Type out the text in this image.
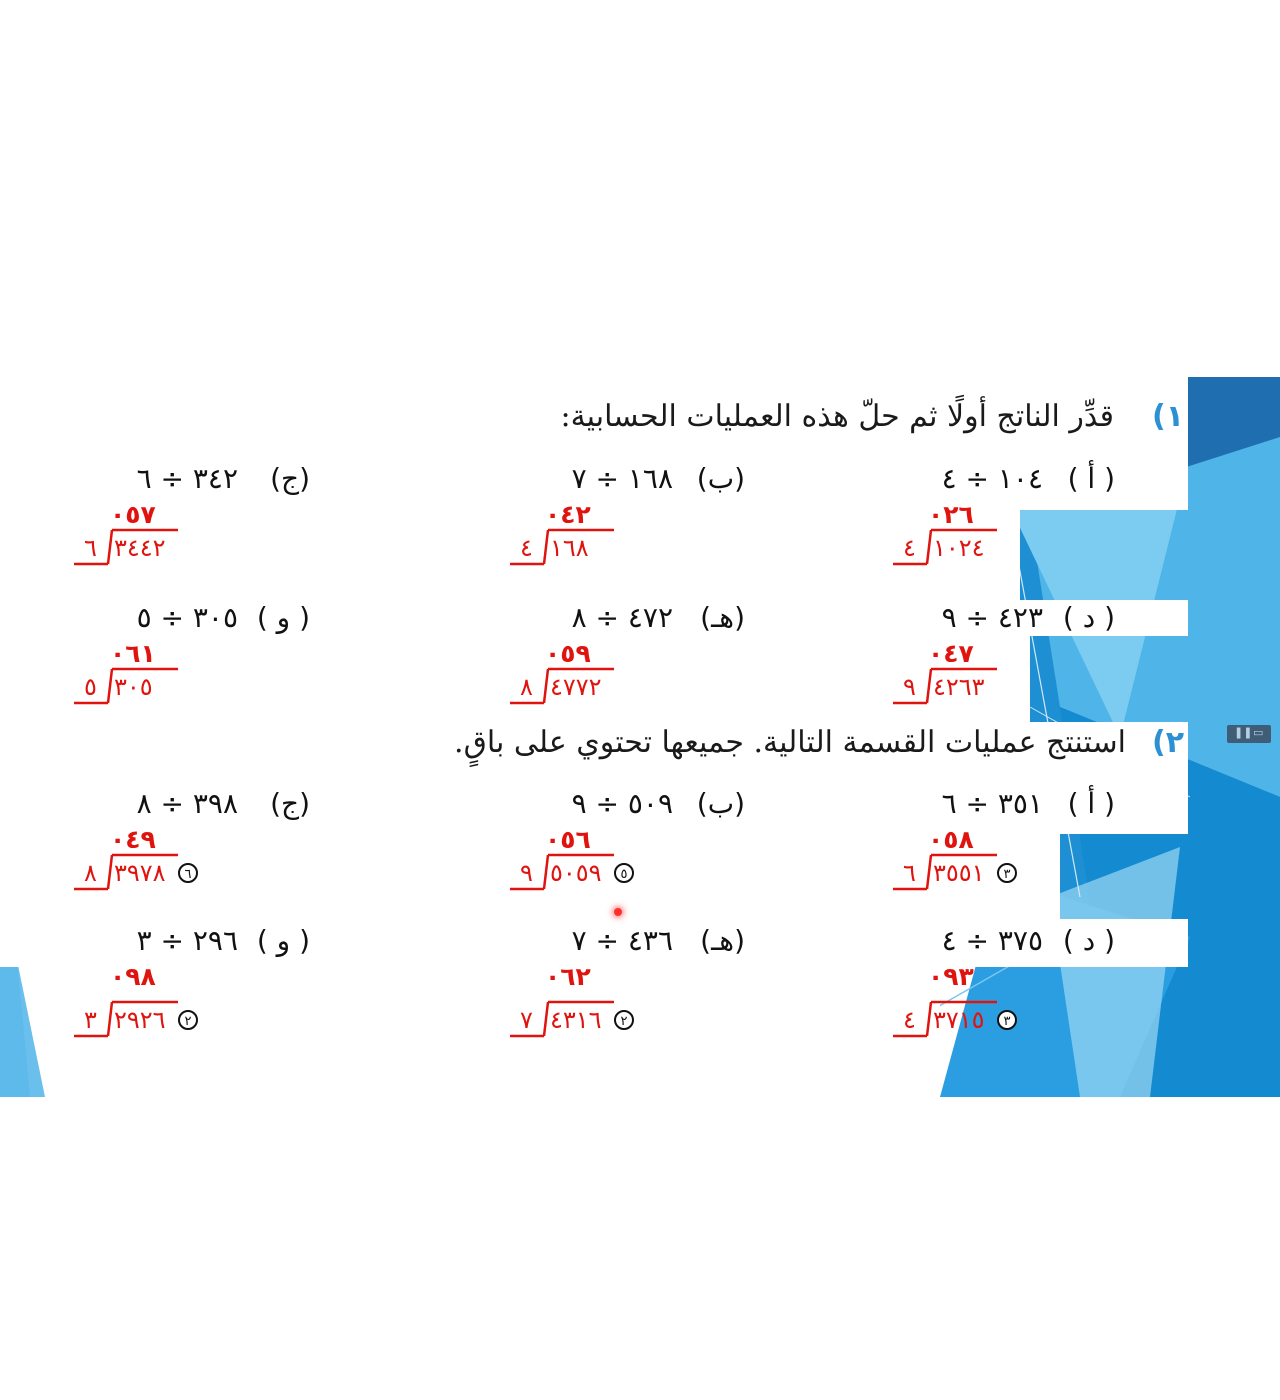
١)
قدِّر الناتج أولًا ثم حلّ هذه العمليات الحسابية:
٢)
استنتج عمليات القسمة التالية. جميعها تحتوي على باقٍ.	❚❚ ▭
( أ )
١٠٤ ÷ ٤
٠٢٦
٤ ١٠٢٤
(ب)
١٦٨ ÷ ٧
٠٤٢
٤ ١٦٨
(ج)
٣٤٢ ÷ ٦
٠٥٧
٦ ٣٤٤٢
( د )
٤٢٣ ÷ ٩
٠٤٧
٩ ٤٢٦٣
(هـ)
٤٧٢ ÷ ٨
٠٥٩
٨ ٤٧٧٢
( و )
٣٠٥ ÷ ٥
٠٦١
٥ ٣٠٥
( أ )
٣٥١ ÷ ٦
٠٥٨
٦ ٣٥٥١	٣
(ب)
٥٠٩ ÷ ٩
٠٥٦
٩ ٥٠٥٩	٥
(ج)
٣٩٨ ÷ ٨
٠٤٩
٨ ٣٩٧٨	٦
( د )
٣٧٥ ÷ ٤
٠٩٣
٤ ٣٧١٥	٣
(هـ)
٤٣٦ ÷ ٧
٠٦٢
٧ ٤٣١٦	٢
( و )
٢٩٦ ÷ ٣
٠٩٨
٣ ٢٩٢٦	٢
